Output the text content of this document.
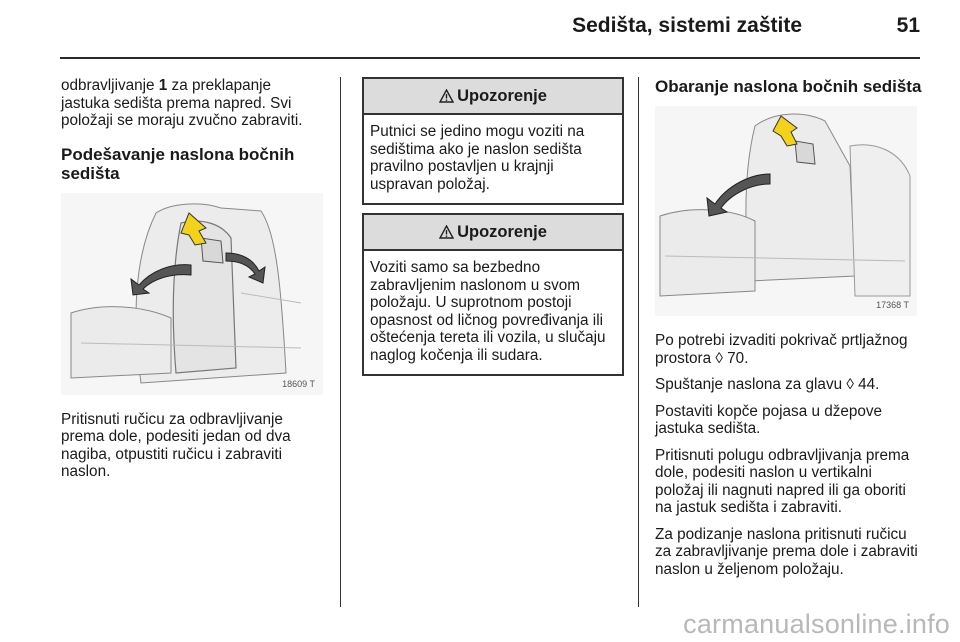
Sedišta, sistemi zaštite	51

odbravljivanje 1 za preklapanje jastuka sedišta prema napred. Svi položaji se moraju zvučno zabraviti.

Podešavanje naslona bočnih sedišta
18609 T

Pritisnuti ručicu za odbravljivanje prema dole, podesiti jedan od dva nagiba, otpustiti ručicu i zabraviti naslon.

Upozorenje
Putnici se jedino mogu voziti na sedištima ako je naslon sedišta pravilno postavljen u krajnji uspravan položaj.
Upozorenje
Voziti samo sa bezbedno zabravljenim naslonom u svom položaju. U suprotnom postoji opasnost od ličnog povređivanja ili oštećenja tereta ili vozila, u slučaju naglog kočenja ili sudara.
Obaranje naslona bočnih sedišta
17368 T

Po potrebi izvaditi pokrivač prtljažnog prostora ◊ 70.

Spuštanje naslona za glavu ◊ 44.

Postaviti kopče pojasa u džepove jastuka sedišta.

Pritisnuti polugu odbravljivanja prema dole, podesiti naslon u vertikalni položaj ili nagnuti napred ili ga oboriti na jastuk sedišta i zabraviti.

Za podizanje naslona pritisnuti ručicu za zabravljivanje prema dole i zabraviti naslon u željenom položaju.

carmanualsonline.info
